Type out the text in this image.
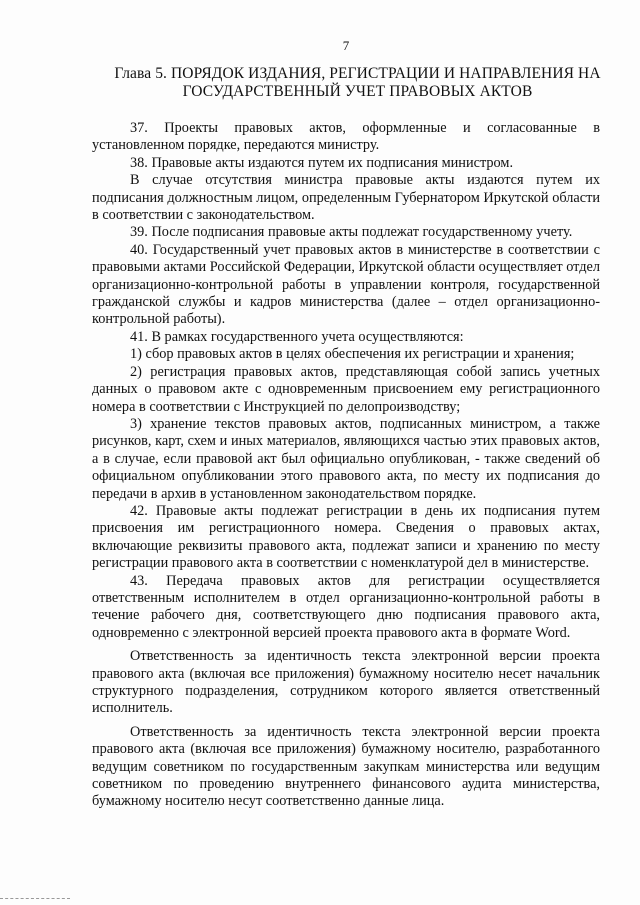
7
Глава 5. ПОРЯДОК ИЗДАНИЯ, РЕГИСТРАЦИИ И НАПРАВЛЕНИЯ НА ГОСУДАРСТВЕННЫЙ УЧЕТ ПРАВОВЫХ АКТОВ

37. Проекты правовых актов, оформленные и согласованные в установленном порядке, передаются министру.

38. Правовые акты издаются путем их подписания министром.

В случае отсутствия министра правовые акты издаются путем их подписания должностным лицом, определенным Губернатором Иркутской области в соответствии с законодательством.

39. После подписания правовые акты подлежат государственному учету.

40. Государственный учет правовых актов в министерстве в соответствии с правовыми актами Российской Федерации, Иркутской области осуществляет отдел организационно-контрольной работы в управлении контроля, государственной гражданской службы и кадров министерства (далее – отдел организационно-контрольной работы).

41. В рамках государственного учета осуществляются:

1) сбор правовых актов в целях обеспечения их регистрации и хранения;

2) регистрация правовых актов, представляющая собой запись учетных данных о правовом акте с одновременным присвоением ему регистрационного номера в соответствии с Инструкцией по делопроизводству;

3) хранение текстов правовых актов, подписанных министром, а также рисунков, карт, схем и иных материалов, являющихся частью этих правовых актов, а в случае, если правовой акт был официально опубликован, - также сведений об официальном опубликовании этого правового акта, по месту их подписания до передачи в архив в установленном законодательством порядке.

42. Правовые акты подлежат регистрации в день их подписания путем присвоения им регистрационного номера. Сведения о правовых актах, включающие реквизиты правового акта, подлежат записи и хранению по месту регистрации правового акта в соответствии с номенклатурой дел в министерстве.

43. Передача правовых актов для регистрации осуществляется ответственным исполнителем в отдел организационно-контрольной работы в течение рабочего дня, соответствующего дню подписания правового акта, одновременно с электронной версией проекта правового акта в формате Word.

Ответственность за идентичность текста электронной версии проекта правового акта (включая все приложения) бумажному носителю несет начальник структурного подразделения, сотрудником которого является ответственный исполнитель.

Ответственность за идентичность текста электронной версии проекта правового акта (включая все приложения) бумажному носителю, разработанного ведущим советником по государственным закупкам министерства или ведущим советником по проведению внутреннего финансового аудита министерства, бумажному носителю несут соответственно данные лица.
